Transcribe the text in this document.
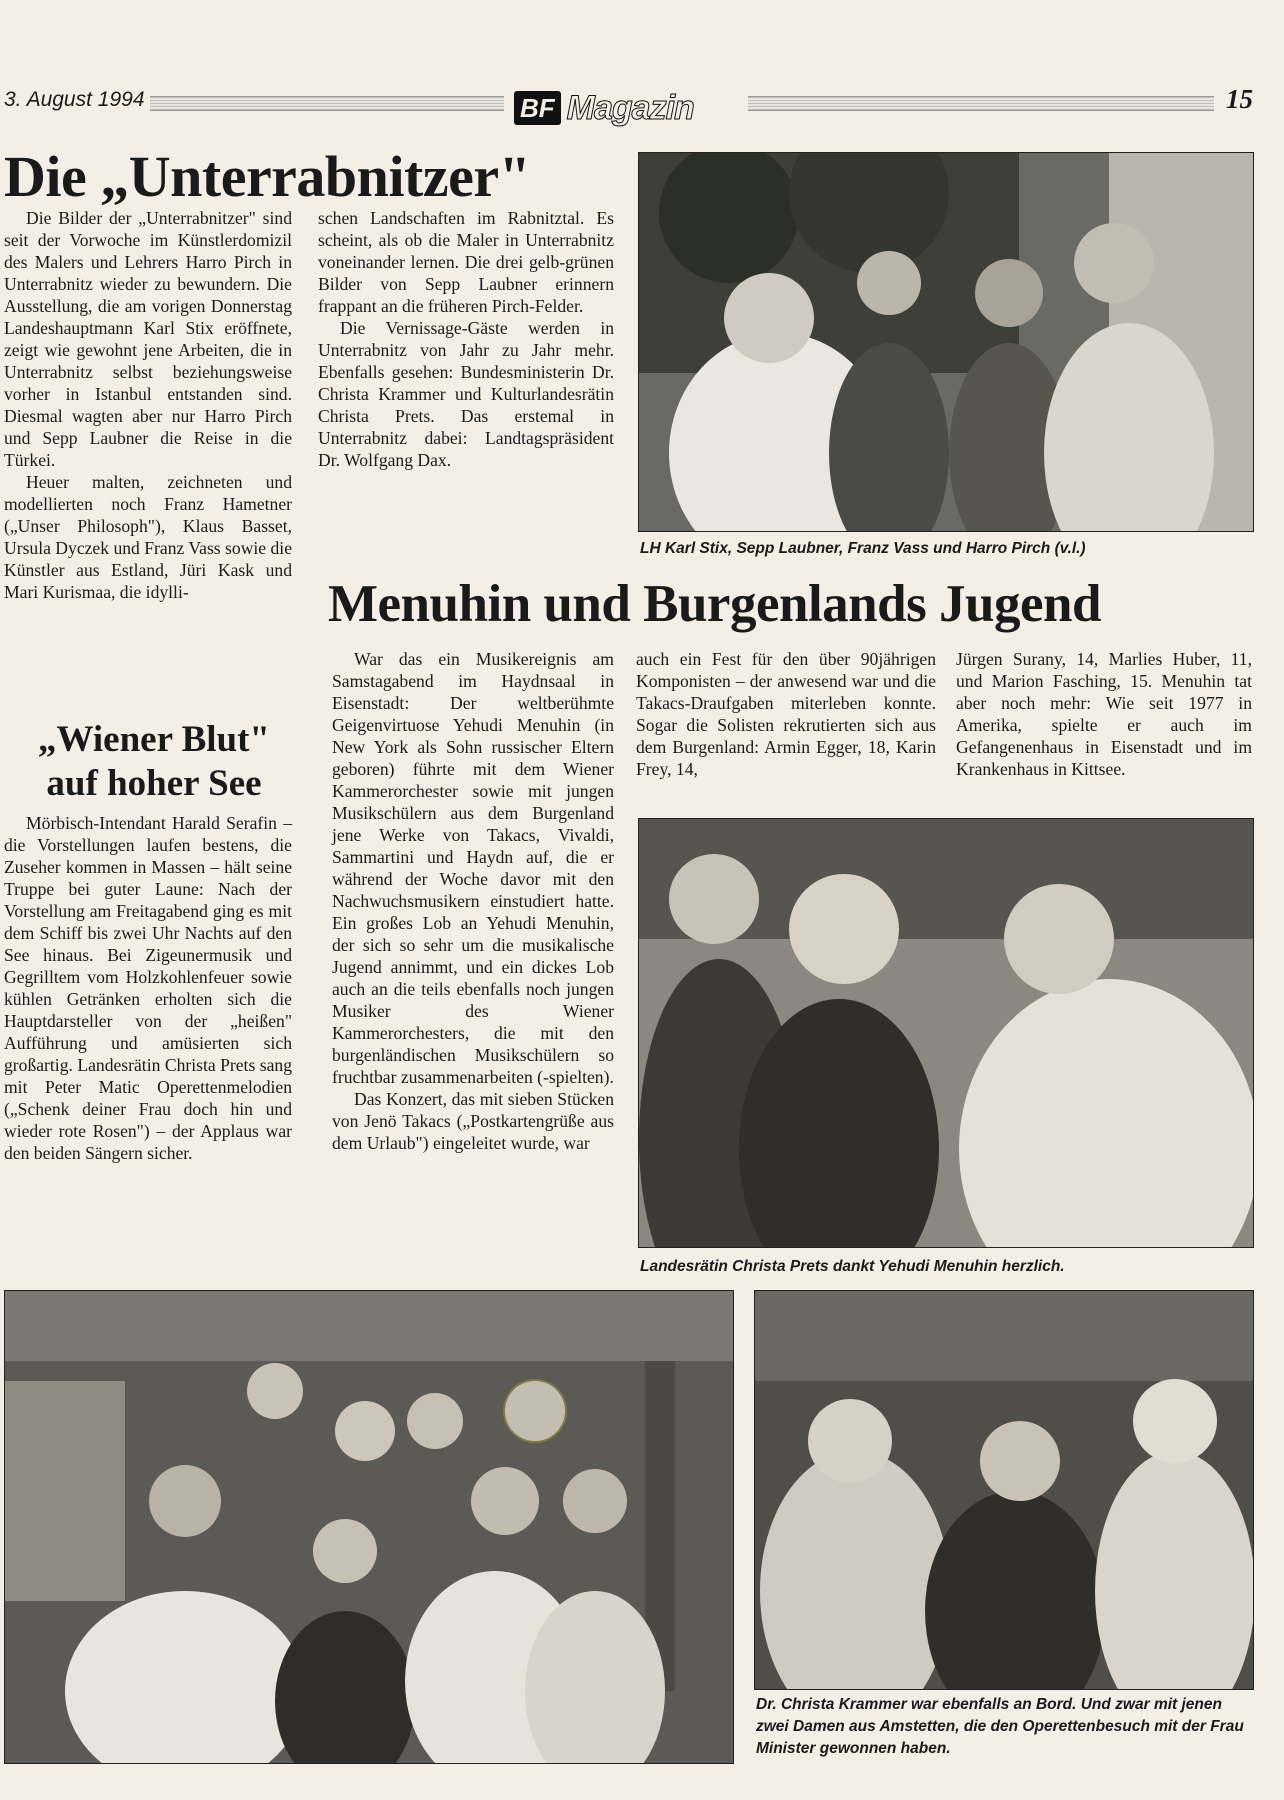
3. August 1994	BF Magazin	15
Die „Unterrabnitzer"

Die Bilder der „Unterrabnitzer" sind seit der Vorwoche im Künstlerdomizil des Malers und Lehrers Harro Pirch in Unterrabnitz wieder zu bewundern. Die Ausstellung, die am vorigen Donnerstag Landeshauptmann Karl Stix eröffnete, zeigt wie gewohnt jene Arbeiten, die in Unterrabnitz selbst beziehungsweise vorher in Istanbul entstanden sind. Diesmal wagten aber nur Harro Pirch und Sepp Laubner die Reise in die Türkei.

Heuer malten, zeichneten und modellierten noch Franz Hametner („Unser Philosoph"), Klaus Basset, Ursula Dyczek und Franz Vass sowie die Künstler aus Estland, Jüri Kask und Mari Kurismaa, die idylli-

schen Landschaften im Rabnitztal. Es scheint, als ob die Maler in Unterrabnitz voneinander lernen. Die drei gelb-grünen Bilder von Sepp Laubner erinnern frappant an die früheren Pirch-Felder.

Die Vernissage-Gäste werden in Unterrabnitz von Jahr zu Jahr mehr. Ebenfalls gesehen: Bundesministerin Dr. Christa Krammer und Kulturlandesrätin Christa Prets. Das erstemal in Unterrabnitz dabei: Landtagspräsident Dr. Wolfgang Dax.

LH Karl Stix, Sepp Laubner, Franz Vass und Harro Pirch (v.l.)
„Wiener Blut"
auf hoher See

Mörbisch-Intendant Harald Serafin – die Vorstellungen laufen bestens, die Zuseher kommen in Massen – hält seine Truppe bei guter Laune: Nach der Vorstellung am Freitagabend ging es mit dem Schiff bis zwei Uhr Nachts auf den See hinaus. Bei Zigeunermusik und Gegrilltem vom Holzkohlenfeuer sowie kühlen Getränken erholten sich die Hauptdarsteller von der „heißen" Aufführung und amüsierten sich großartig. Landesrätin Christa Prets sang mit Peter Matic Operettenmelodien („Schenk deiner Frau doch hin und wieder rote Rosen") – der Applaus war den beiden Sängern sicher.

Menuhin und Burgenlands Jugend

War das ein Musikereignis am Samstagabend im Haydnsaal in Eisenstadt: Der weltberühmte Geigenvirtuose Yehudi Menuhin (in New York als Sohn russischer Eltern geboren) führte mit dem Wiener Kammerorchester sowie mit jungen Musikschülern aus dem Burgenland jene Werke von Takacs, Vivaldi, Sammartini und Haydn auf, die er während der Woche davor mit den Nachwuchsmusikern einstudiert hatte. Ein großes Lob an Yehudi Menuhin, der sich so sehr um die musikalische Jugend annimmt, und ein dickes Lob auch an die teils ebenfalls noch jungen Musiker des Wiener Kammerorchesters, die mit den burgenländischen Musikschülern so fruchtbar zusammenarbeiten (-spielten).

Das Konzert, das mit sieben Stücken von Jenö Takacs („Postkartengrüße aus dem Urlaub") eingeleitet wurde, war

auch ein Fest für den über 90jährigen Komponisten – der anwesend war und die Takacs-Draufgaben miterleben konnte. Sogar die Solisten rekrutierten sich aus dem Burgenland: Armin Egger, 18, Karin Frey, 14,

Jürgen Surany, 14, Marlies Huber, 11, und Marion Fasching, 15. Menuhin tat aber noch mehr: Wie seit 1977 in Amerika, spielte er auch im Gefangenenhaus in Eisenstadt und im Krankenhaus in Kittsee.

Landesrätin Christa Prets dankt Yehudi Menuhin herzlich.
Dr. Christa Krammer war ebenfalls an Bord. Und zwar mit jenen zwei Damen aus Amstetten, die den Operettenbesuch mit der Frau Minister gewonnen haben.
